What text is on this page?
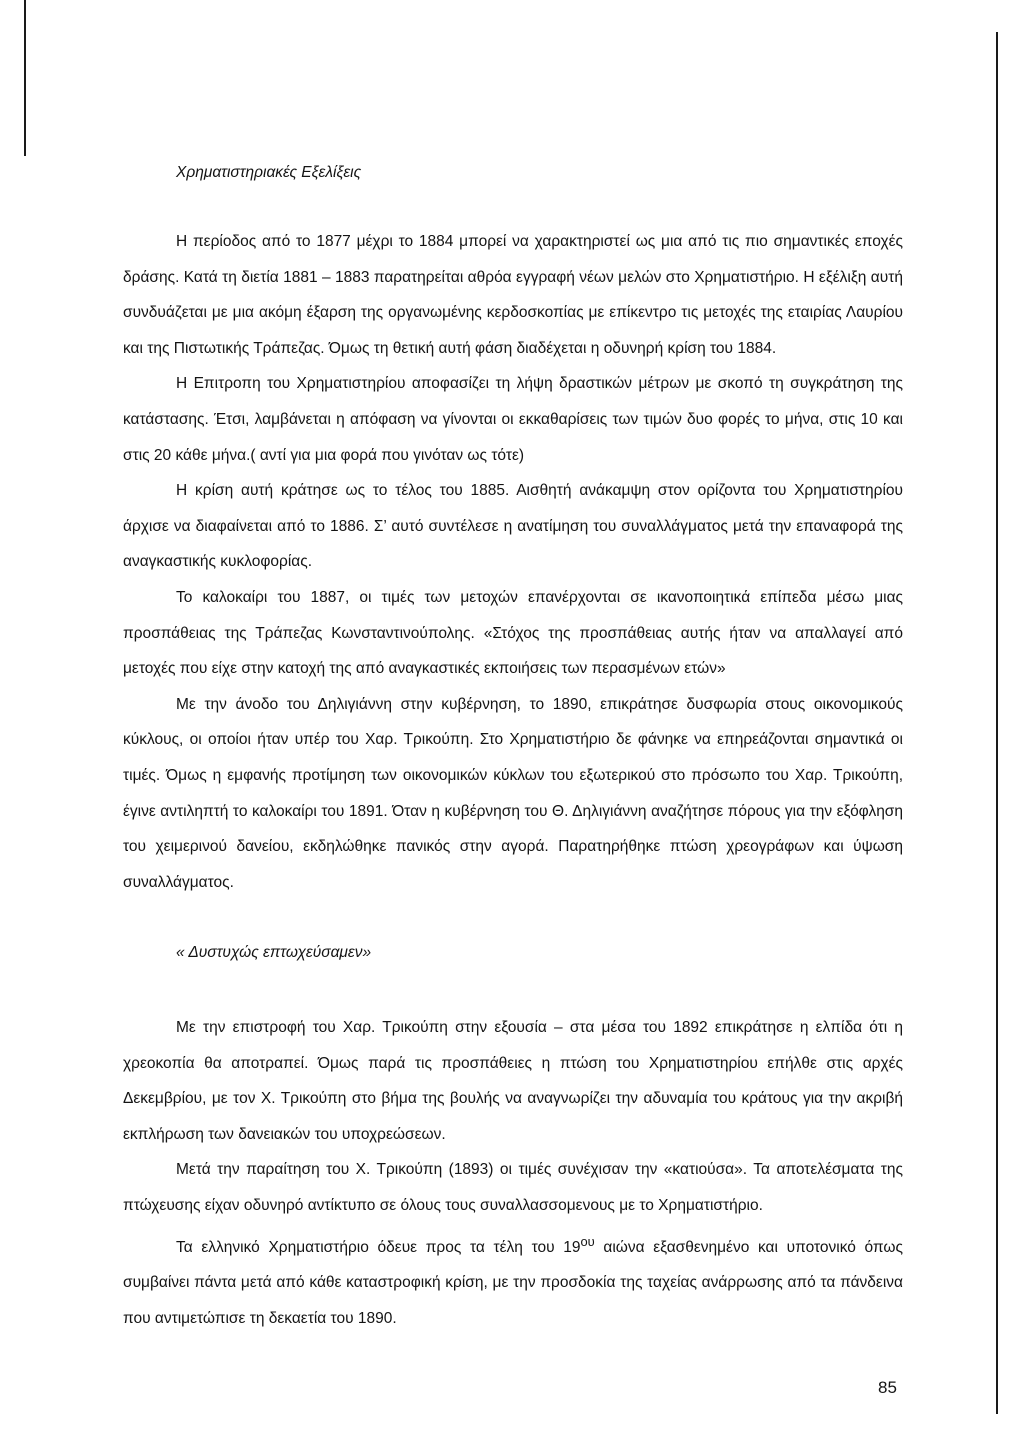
Χρηματιστηριακές Εξελίξεις

Η περίοδος από το 1877 μέχρι το 1884 μπορεί να χαρακτηριστεί ως μια από τις πιο σημαντικές εποχές δράσης. Κατά τη διετία 1881 – 1883 παρατηρείται αθρόα εγγραφή νέων μελών στο Χρηματιστήριο. Η εξέλιξη αυτή συνδυάζεται με μια ακόμη έξαρση της οργανωμένης κερδοσκοπίας με επίκεντρο τις μετοχές της εταιρίας Λαυρίου και της Πιστωτικής Τράπεζας. Όμως τη θετική αυτή φάση διαδέχεται η οδυνηρή κρίση του 1884.

Η Επιτροπη του Χρηματιστηρίου αποφασίζει τη λήψη δραστικών μέτρων με σκοπό τη συγκράτηση της κατάστασης. Έτσι, λαμβάνεται η απόφαση να γίνονται οι εκκαθαρίσεις των τιμών δυο φορές το μήνα, στις 10 και στις 20 κάθε μήνα.( αντί για μια φορά που γινόταν ως τότε)

Η κρίση αυτή κράτησε ως το τέλος του 1885. Αισθητή ανάκαμψη στον ορίζοντα του Χρηματιστηρίου άρχισε να διαφαίνεται από το 1886. Σ’ αυτό συντέλεσε η ανατίμηση του συναλλάγματος μετά την επαναφορά της αναγκαστικής κυκλοφορίας.

Το καλοκαίρι του 1887, οι τιμές των μετοχών επανέρχονται σε ικανοποιητικά επίπεδα μέσω μιας προσπάθειας της Τράπεζας Κωνσταντινούπολης. «Στόχος της προσπάθειας αυτής ήταν να απαλλαγεί από μετοχές που είχε στην κατοχή της από αναγκαστικές εκποιήσεις των περασμένων ετών»

Με την άνοδο του Δηλιγιάννη στην κυβέρνηση, το 1890, επικράτησε δυσφωρία στους οικονομικούς κύκλους, οι οποίοι ήταν υπέρ του Χαρ. Τρικούπη. Στο Χρηματιστήριο δε φάνηκε να επηρεάζονται σημαντικά οι τιμές. Όμως η εμφανής προτίμηση των οικονομικών κύκλων του εξωτερικού στο πρόσωπο του Χαρ. Τρικούπη, έγινε αντιληπτή το καλοκαίρι του 1891. Όταν η κυβέρνηση του Θ. Δηλιγιάννη αναζήτησε πόρους για την εξόφληση του χειμερινού δανείου, εκδηλώθηκε πανικός στην αγορά. Παρατηρήθηκε πτώση χρεογράφων και ύψωση συναλλάγματος.

« Δυστυχώς επτωχεύσαμεν»

Με την επιστροφή του Χαρ. Τρικούπη στην εξουσία – στα μέσα του 1892 επικράτησε η ελπίδα ότι η χρεοκοπία θα αποτραπεί. Όμως παρά τις προσπάθειες η πτώση του Χρηματιστηρίου επήλθε στις αρχές Δεκεμβρίου, με τον Χ. Τρικούπη στο βήμα της βουλής να αναγνωρίζει την αδυναμία του κράτους για την ακριβή εκπλήρωση των δανειακών του υποχρεώσεων.

Μετά την παραίτηση του Χ. Τρικούπη (1893) οι τιμές συνέχισαν την «κατιούσα». Τα αποτελέσματα της πτώχευσης είχαν οδυνηρό αντίκτυπο σε όλους τους συναλλασσομενους με το Χρηματιστήριο.

Τα ελληνικό Χρηματιστήριο όδευε προς τα τέλη του $19^{o\upsilon}$ αιώνα εξασθενημένο και υποτονικό όπως συμβαίνει πάντα μετά από κάθε καταστροφική κρίση, με την προσδοκία της ταχείας ανάρρωσης από τα πάνδεινα που αντιμετώπισε τη δεκαετία του 1890.

85
